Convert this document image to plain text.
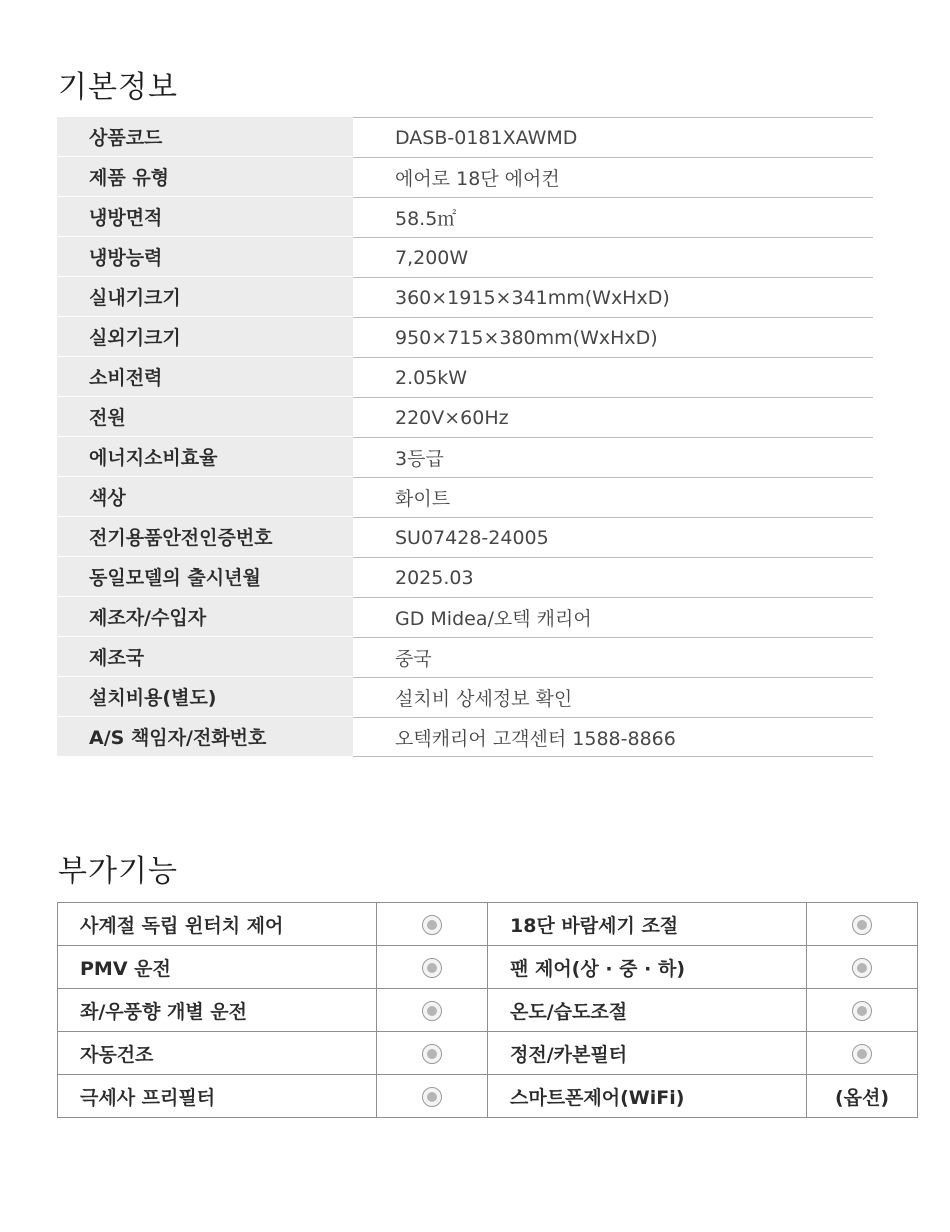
기본정보
상품코드	DASB-0181XAWMD
제품 유형	에어로 18단 에어컨
냉방면적	58.5㎡
냉방능력	7,200W
실내기크기	360×1915×341mm(WxHxD)
실외기크기	950×715×380mm(WxHxD)
소비전력	2.05kW
전원	220V×60Hz
에너지소비효율	3등급
색상	화이트
전기용품안전인증번호	SU07428-24005
동일모델의 출시년월	2025.03
제조자/수입자	GD Midea/오텍 캐리어
제조국	중국
설치비용(별도)	설치비 상세정보 확인
A/S 책임자/전화번호	오텍캐리어 고객센터 1588-8866
부가기능
사계절 독립 윈터치 제어		18단 바람세기 조절	
PMV 운전		팬 제어(상 · 중 · 하)	
좌/우풍향 개별 운전		온도/습도조절	
자동건조		정전/카본필터	
극세사 프리필터		스마트폰제어(WiFi)	(옵션)
